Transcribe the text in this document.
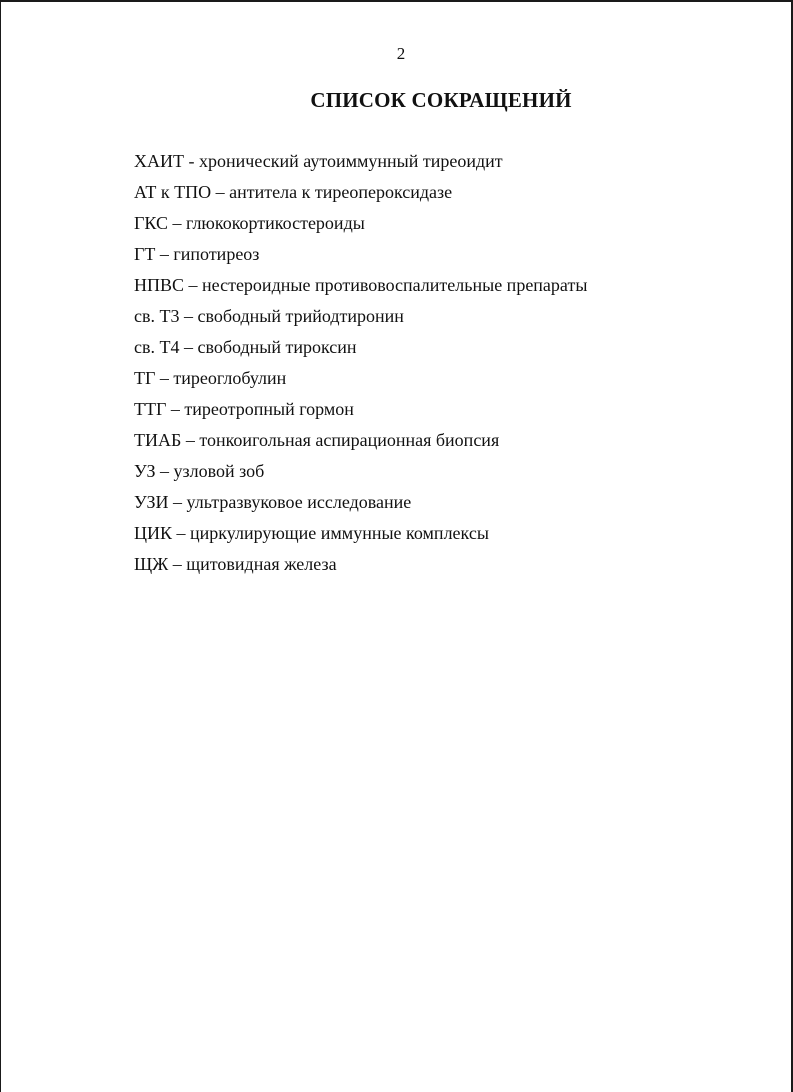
2
СПИСОК СОКРАЩЕНИЙ
ХАИТ - хронический аутоиммунный тиреоидит
АТ к ТПО – антитела к тиреопероксидазе
ГКС – глюкокортикостероиды
ГТ – гипотиреоз
НПВС – нестероидные противовоспалительные препараты
св. Т3 – свободный трийодтиронин
св. Т4 – свободный тироксин
ТГ – тиреоглобулин
ТТГ – тиреотропный гормон
ТИАБ – тонкоигольная аспирационная биопсия
УЗ – узловой зоб
УЗИ – ультразвуковое исследование
ЦИК – циркулирующие иммунные комплексы
ЩЖ – щитовидная железа
